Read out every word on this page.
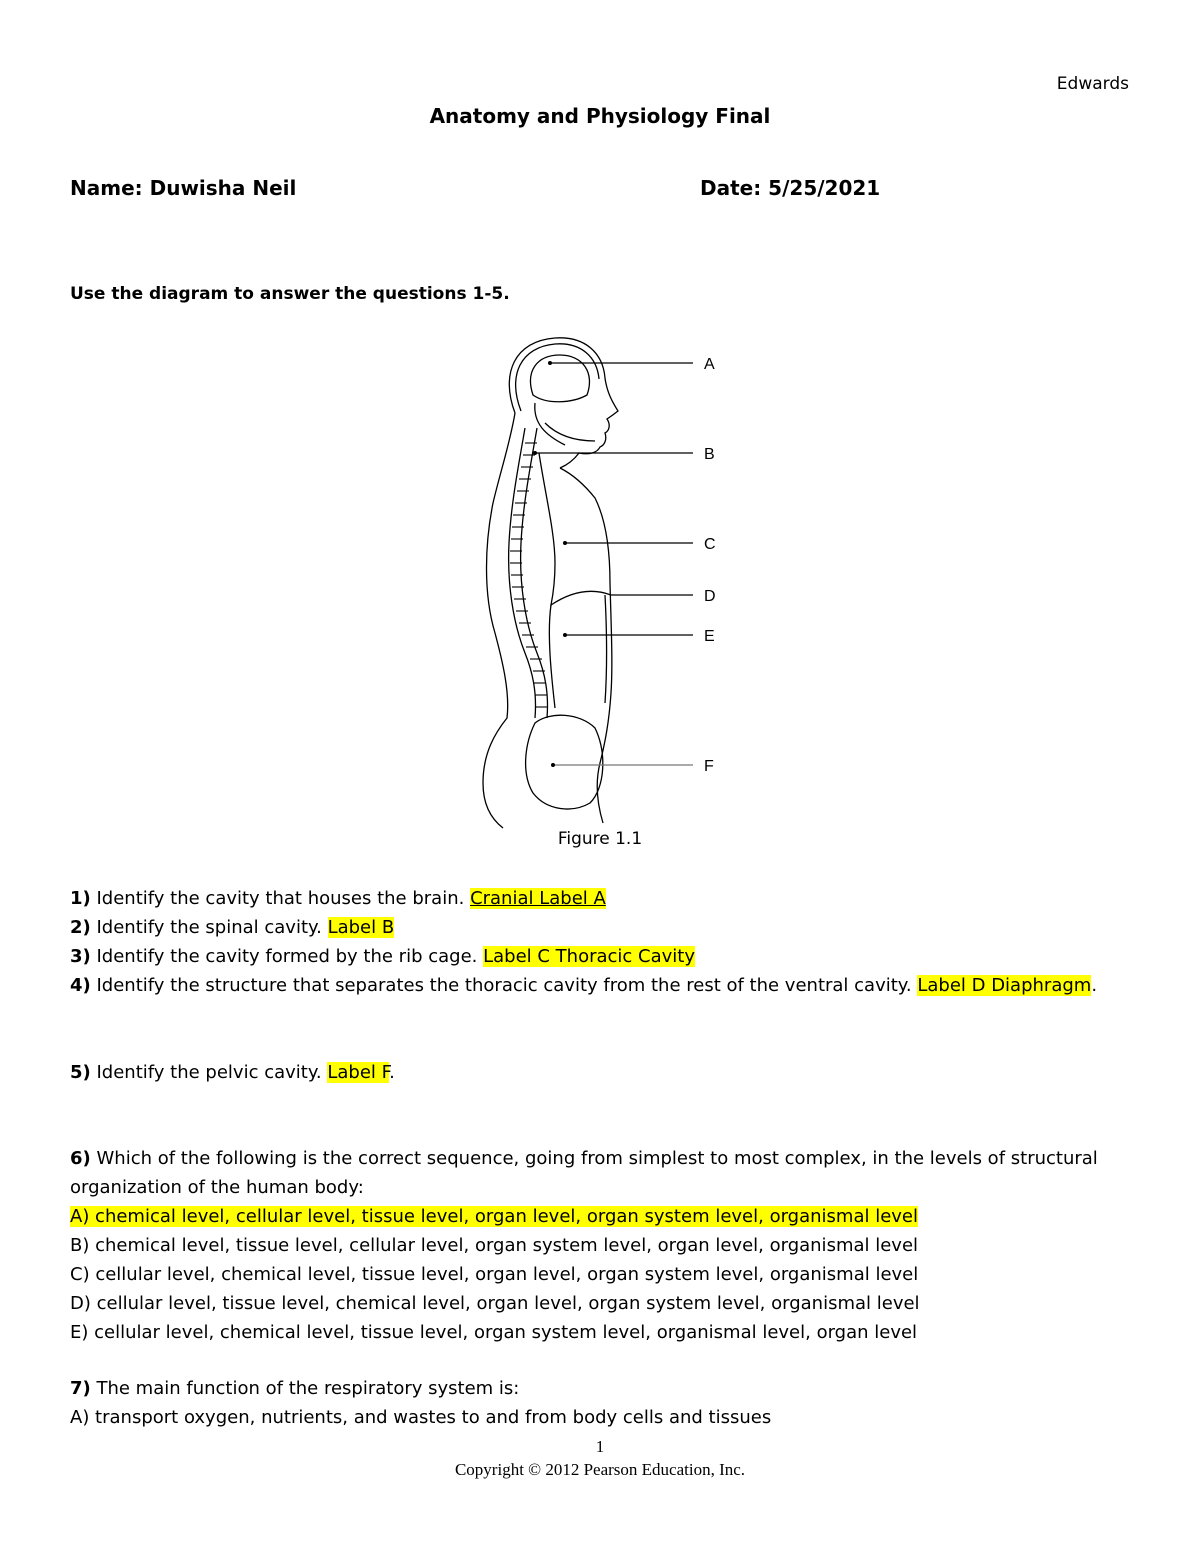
Edwards
Anatomy and Physiology Final
Name: Duwisha Neil	Date: 5/25/2021
Use the diagram to answer the questions 1-5.
A
B
C
D
E
F
Figure 1.1
1) Identify the cavity that houses the brain. Cranial Label A
2) Identify the spinal cavity. Label B
3) Identify the cavity formed by the rib cage. Label C Thoracic Cavity
4) Identify the structure that separates the thoracic cavity from the rest of the ventral cavity. Label D Diaphragm.
5) Identify the pelvic cavity. Label F.
6) Which of the following is the correct sequence, going from simplest to most complex, in the levels of structural organization of the human body:
A) chemical level, cellular level, tissue level, organ level, organ system level, organismal level
B) chemical level, tissue level, cellular level, organ system level, organ level, organismal level
C) cellular level, chemical level, tissue level, organ level, organ system level, organismal level
D) cellular level, tissue level, chemical level, organ level, organ system level, organismal level
E) cellular level, chemical level, tissue level, organ system level, organismal level, organ level
7) The main function of the respiratory system is:
A) transport oxygen, nutrients, and wastes to and from body cells and tissues
1
Copyright © 2012 Pearson Education, Inc.
